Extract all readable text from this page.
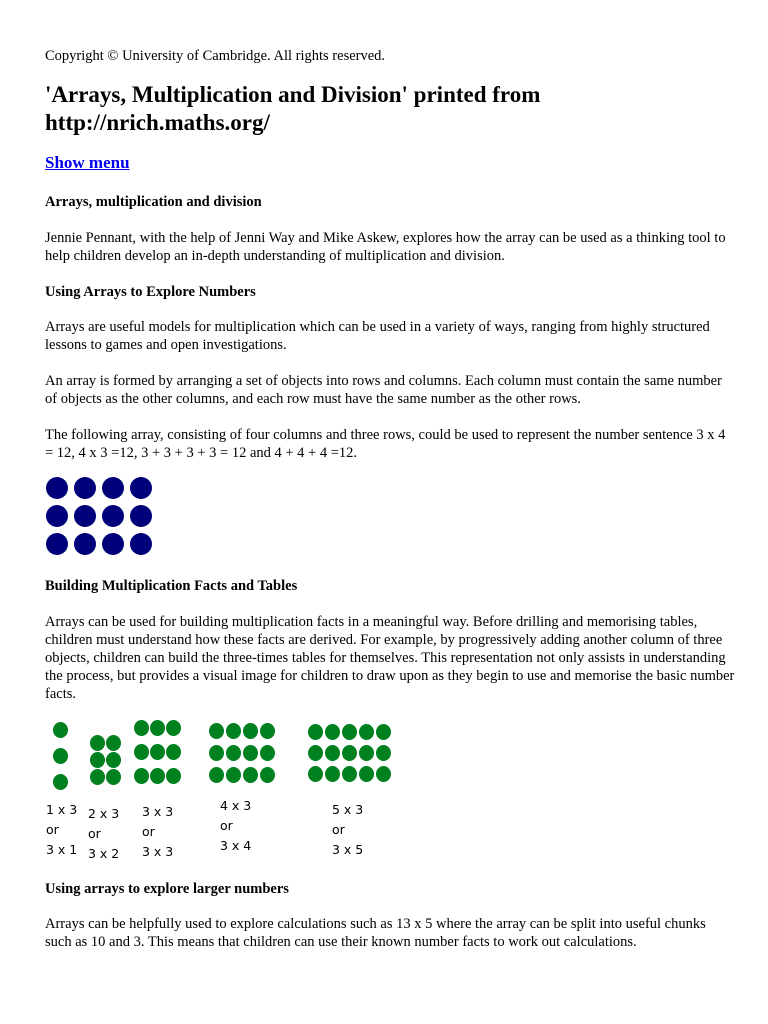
Copyright © University of Cambridge. All rights reserved.

'Arrays, Multiplication and Division' printed from
http://nrich.maths.org/
Show menu
Arrays, multiplication and division

Jennie Pennant, with the help of Jenni Way and Mike Askew, explores how the array can be used as a thinking tool to help children develop an in-depth understanding of multiplication and division.

Using Arrays to Explore Numbers

Arrays are useful models for multiplication which can be used in a variety of ways, ranging from highly structured lessons to games and open investigations.

An array is formed by arranging a set of objects into rows and columns. Each column must contain the same number of objects as the other columns, and each row must have the same number as the other rows.

The following array, consisting of four columns and three rows, could be used to represent the number sentence 3 x 4 = 12, 4 x 3 =12, 3 + 3 + 3 + 3 = 12 and 4 + 4 + 4 =12.

Building Multiplication Facts and Tables

Arrays can be used for building multiplication facts in a meaningful way. Before drilling and memorising tables, children must understand how these facts are derived. For example, by progressively adding another column of three objects, children can build the three-times tables for themselves. This representation not only assists in understanding the process, but provides a visual image for children to draw upon as they begin to use and memorise the basic number facts.

1 x 3
or
3 x 1
2 x 3
or
3 x 2
3 x 3
or
3 x 3
4 x 3
or
3 x 4
5 x 3
or
3 x 5
Using arrays to explore larger numbers

Arrays can be helpfully used to explore calculations such as 13 x 5 where the array can be split into useful chunks such as 10 and 3. This means that children can use their known number facts to work out calculations.
